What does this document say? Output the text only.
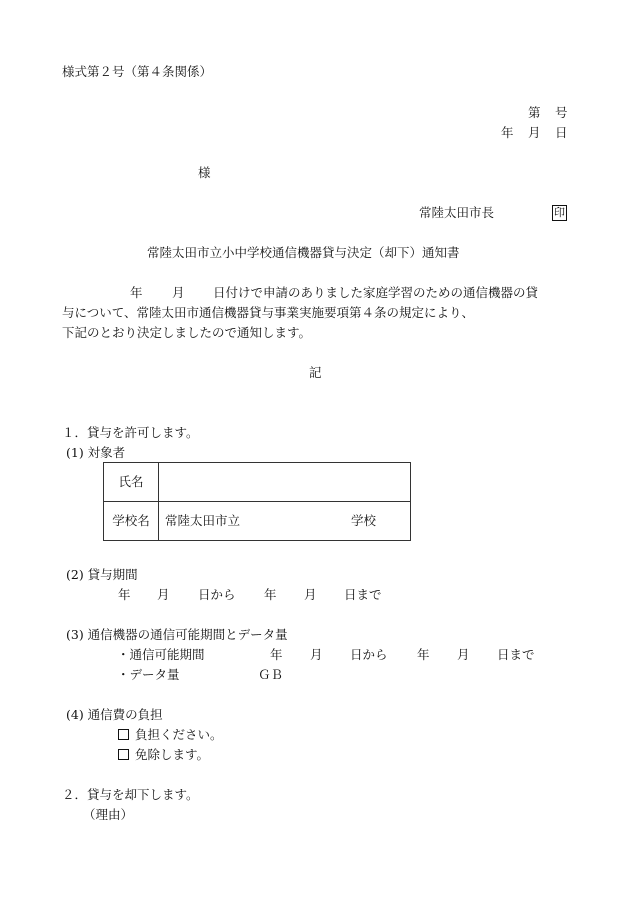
様式第２号（第４条関係）
第 号
年 月 日
様
常陸太田市長	印
常陸太田市立小中学校通信機器貸与決定（却下）通知書
年 月 日付けで申請のありました家庭学習のための通信機器の貸
与について、常陸太田市通信機器貸与事業実施要項第４条の規定により、
下記のとおり決定しましたので通知します。
記
１．貸与を許可します。
(1) 対象者
氏名	
学校名	常陸太田市立 学校
(2) 貸与期間
年 月 日から 年 月 日まで
(3) 通信機器の通信可能期間とデータ量
・通信可能期間	年 月 日から 年 月 日まで
・データ量	ＧＢ
(4) 通信費の負担
負担ください。
免除します。
２．貸与を却下します。
（理由）
